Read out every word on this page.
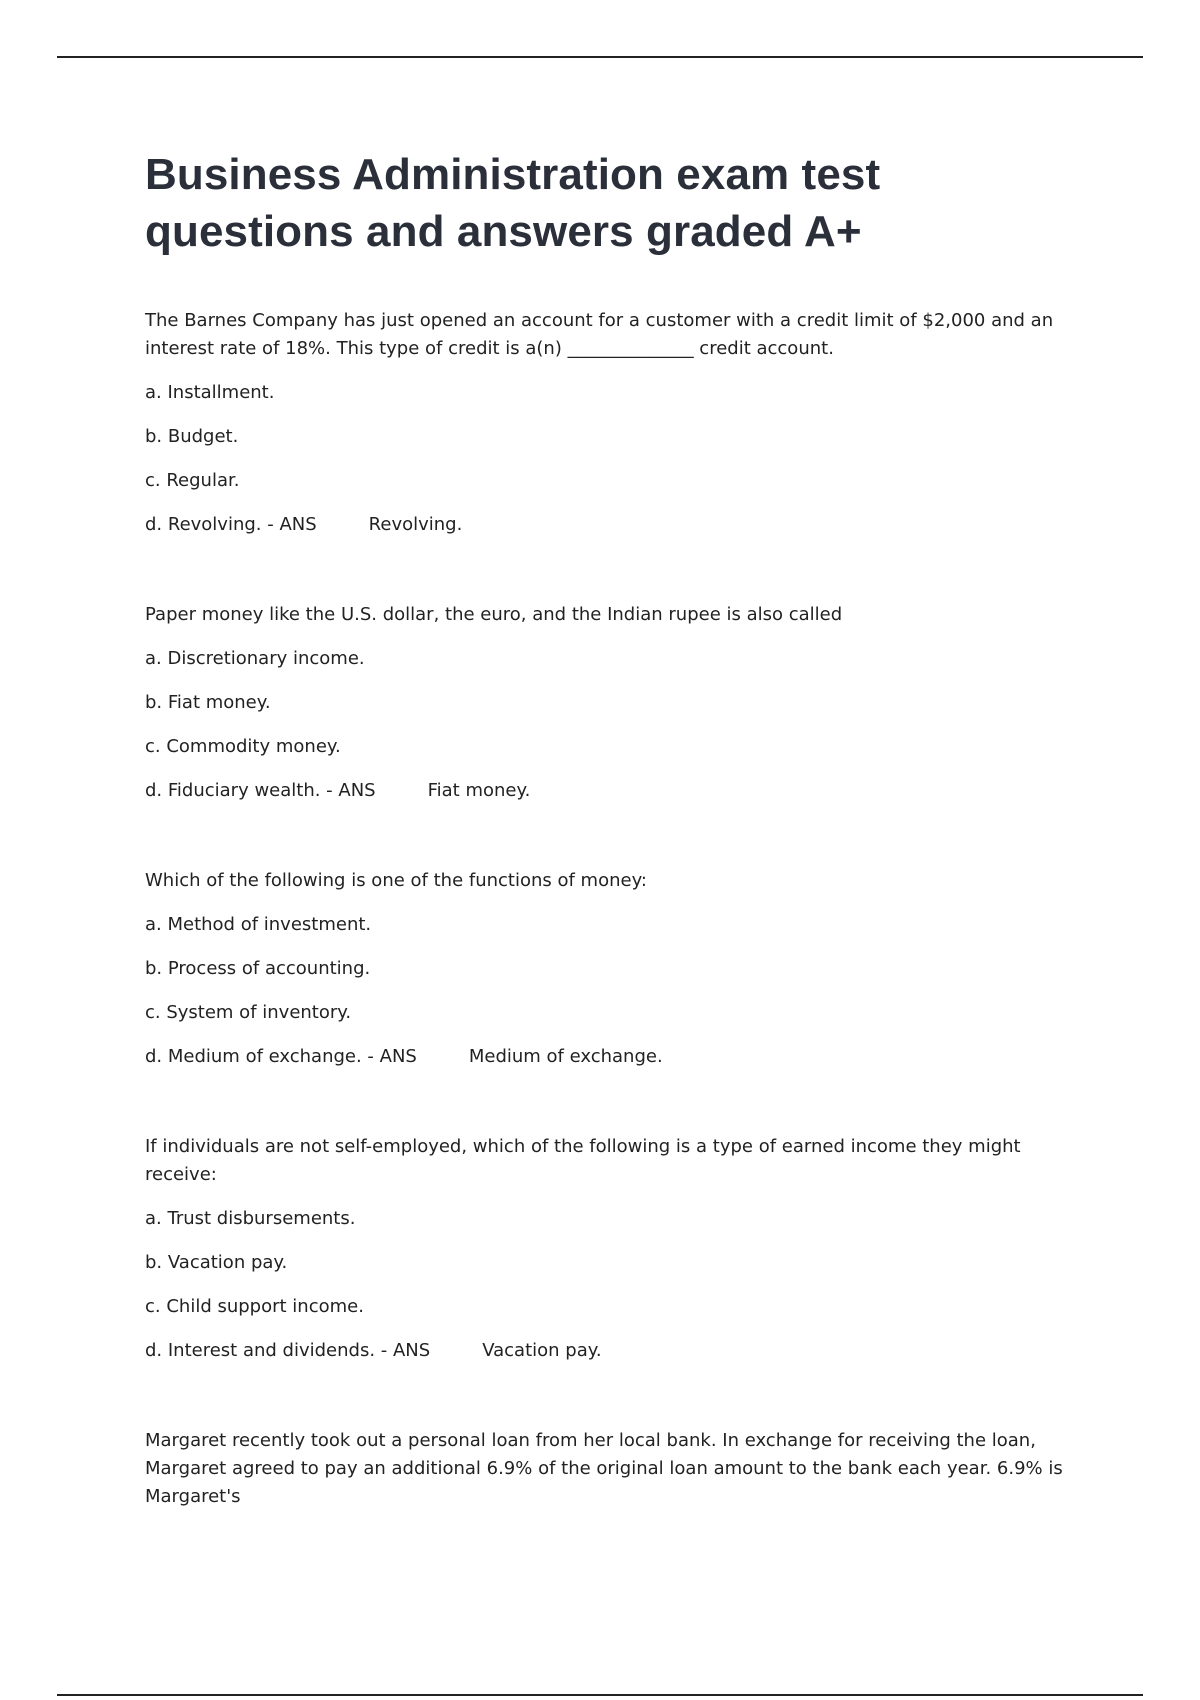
Business Administration exam test
questions and answers graded A+

The Barnes Company has just opened an account for a customer with a credit limit of $2,000 and an interest rate of 18%. This type of credit is a(n) ______________ credit account.

a. Installment.

b. Budget.

c. Regular.

d. Revolving. - ANS	Revolving.

Paper money like the U.S. dollar, the euro, and the Indian rupee is also called

a. Discretionary income.

b. Fiat money.

c. Commodity money.

d. Fiduciary wealth. - ANS	Fiat money.

Which of the following is one of the functions of money:

a. Method of investment.

b. Process of accounting.

c. System of inventory.

d. Medium of exchange. - ANS	Medium of exchange.

If individuals are not self-employed, which of the following is a type of earned income they might receive:

a. Trust disbursements.

b. Vacation pay.

c. Child support income.

d. Interest and dividends. - ANS	Vacation pay.

Margaret recently took out a personal loan from her local bank. In exchange for receiving the loan, Margaret agreed to pay an additional 6.9% of the original loan amount to the bank each year. 6.9% is Margaret's
